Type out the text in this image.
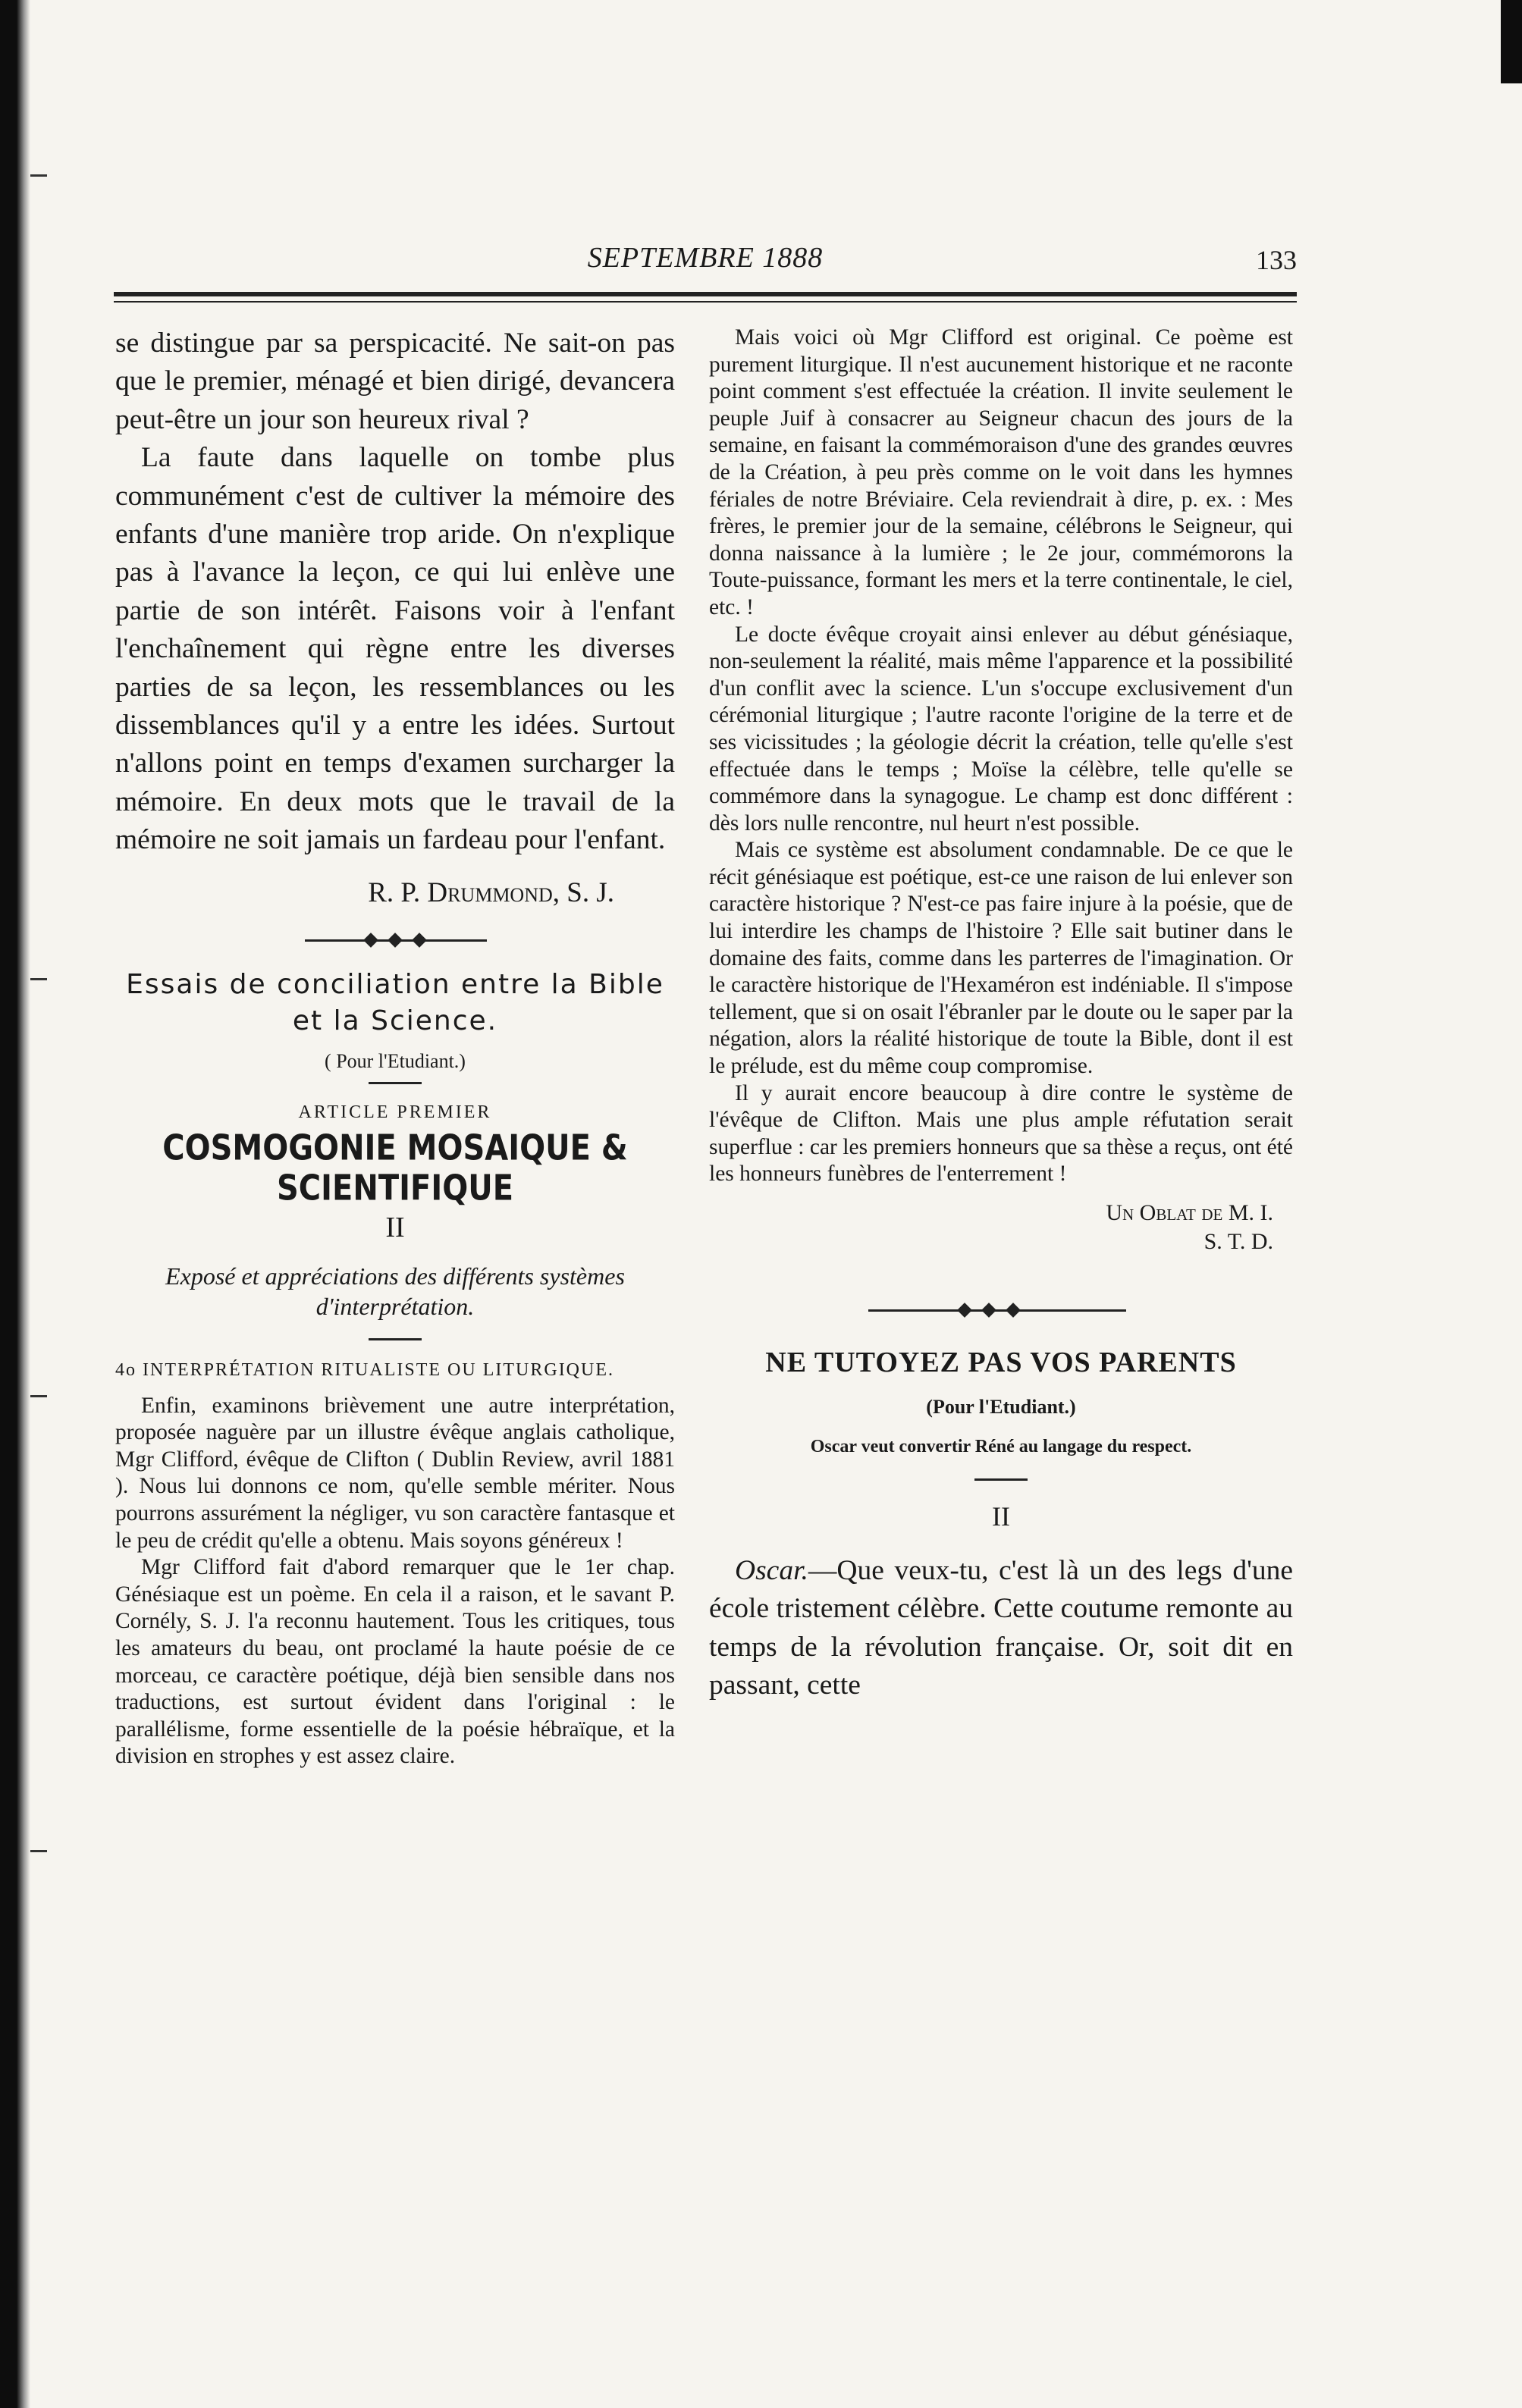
SEPTEMBRE 1888	133

se distingue par sa perspicacité. Ne sait-on pas que le premier, ménagé et bien dirigé, devancera peut-être un jour son heureux rival ?

La faute dans laquelle on tombe plus communément c'est de cultiver la mémoire des enfants d'une manière trop aride. On n'explique pas à l'avance la leçon, ce qui lui enlève une partie de son intérêt. Faisons voir à l'enfant l'enchaînement qui règne entre les diverses parties de sa leçon, les ressemblances ou les dissemblances qu'il y a entre les idées. Surtout n'allons point en temps d'examen surcharger la mémoire. En deux mots que le travail de la mémoire ne soit jamais un fardeau pour l'enfant.

R. P. Drummond, S. J.

Essais de conciliation entre la Bible et la Science.

( Pour l'Etudiant.)

ARTICLE PREMIER

COSMOGONIE MOSAIQUE & SCIENTIFIQUE

II

Exposé et appréciations des différents systèmes d'interprétation.

4o INTERPRÉTATION RITUALISTE OU LITURGIQUE.

Enfin, examinons brièvement une autre interprétation, proposée naguère par un illustre évêque anglais catholique, Mgr Clifford, évêque de Clifton ( Dublin Review, avril 1881 ). Nous lui donnons ce nom, qu'elle semble mériter. Nous pourrons assurément la négliger, vu son caractère fantasque et le peu de crédit qu'elle a obtenu. Mais soyons généreux !

Mgr Clifford fait d'abord remarquer que le 1er chap. Génésiaque est un poème. En cela il a raison, et le savant P. Cornély, S. J. l'a reconnu hautement. Tous les critiques, tous les amateurs du beau, ont proclamé la haute poésie de ce morceau, ce caractère poétique, déjà bien sensible dans nos traductions, est surtout évident dans l'original : le parallélisme, forme essentielle de la poésie hébraïque, et la division en strophes y est assez claire.

Mais voici où Mgr Clifford est original. Ce poème est purement liturgique. Il n'est aucunement historique et ne raconte point comment s'est effectuée la création. Il invite seulement le peuple Juif à consacrer au Seigneur chacun des jours de la semaine, en faisant la commémoraison d'une des grandes œuvres de la Création, à peu près comme on le voit dans les hymnes fériales de notre Bréviaire. Cela reviendrait à dire, p. ex. : Mes frères, le premier jour de la semaine, célébrons le Seigneur, qui donna naissance à la lumière ; le 2e jour, commémorons la Toute-puissance, formant les mers et la terre continentale, le ciel, etc. !

Le docte évêque croyait ainsi enlever au début génésiaque, non-seulement la réalité, mais même l'apparence et la possibilité d'un conflit avec la science. L'un s'occupe exclusivement d'un cérémonial liturgique ; l'autre raconte l'origine de la terre et de ses vicissitudes ; la géologie décrit la création, telle qu'elle s'est effectuée dans le temps ; Moïse la célèbre, telle qu'elle se commémore dans la synagogue. Le champ est donc différent : dès lors nulle rencontre, nul heurt n'est possible.

Mais ce système est absolument condamnable. De ce que le récit génésiaque est poétique, est-ce une raison de lui enlever son caractère historique ? N'est-ce pas faire injure à la poésie, que de lui interdire les champs de l'histoire ? Elle sait butiner dans le domaine des faits, comme dans les parterres de l'imagination. Or le caractère historique de l'Hexaméron est indéniable. Il s'impose tellement, que si on osait l'ébranler par le doute ou le saper par la négation, alors la réalité historique de toute la Bible, dont il est le prélude, est du même coup compromise.

Il y aurait encore beaucoup à dire contre le système de l'évêque de Clifton. Mais une plus ample réfutation serait superflue : car les premiers honneurs que sa thèse a reçus, ont été les honneurs funèbres de l'enterrement !

Un Oblat de M. I.

S. T. D.

NE TUTOYEZ PAS VOS PARENTS

(Pour l'Etudiant.)

Oscar veut convertir Réné au langage du respect.

II

Oscar.—Que veux-tu, c'est là un des legs d'une école tristement célèbre. Cette coutume remonte au temps de la révolution française. Or, soit dit en passant, cette
